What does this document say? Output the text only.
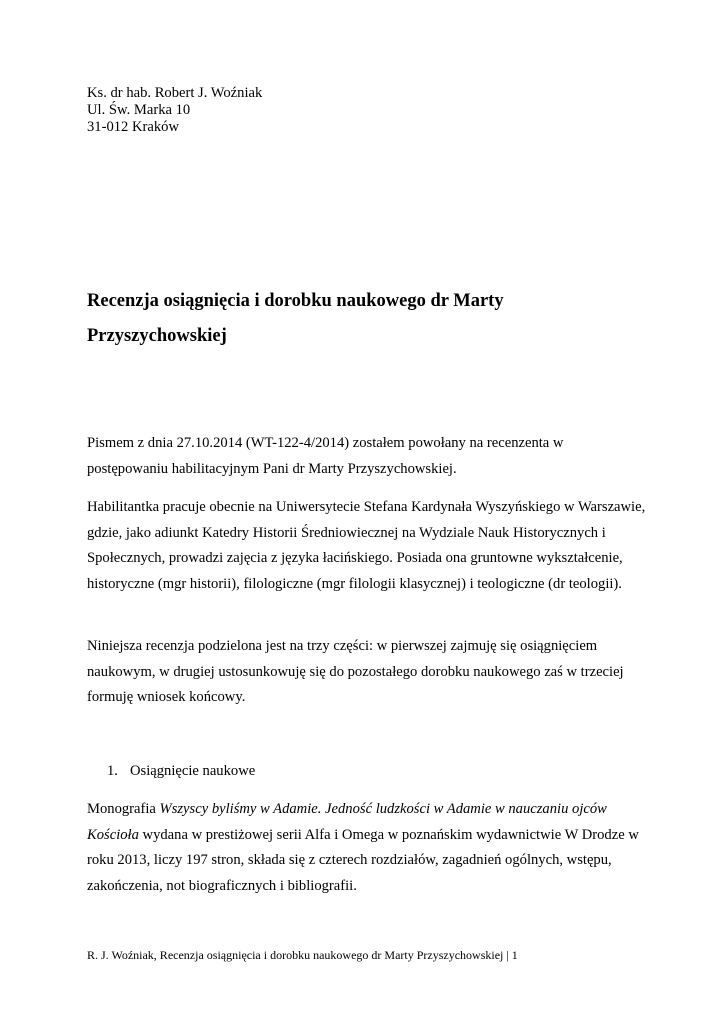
Ks. dr hab. Robert J. Woźniak
Ul. Św. Marka 10
31-012 Kraków
Recenzja osiągnięcia i dorobku naukowego dr Marty Przyszychowskiej

Pismem z dnia 27.10.2014 (WT-122-4/2014) zostałem powołany na recenzenta w postępowaniu habilitacyjnym Pani dr Marty Przyszychowskiej.

Habilitantka pracuje obecnie na Uniwersytecie Stefana Kardynała Wyszyńskiego w Warszawie, gdzie, jako adiunkt Katedry Historii Średniowiecznej na Wydziale Nauk Historycznych i Społecznych, prowadzi zajęcia z języka łacińskiego. Posiada ona gruntowne wykształcenie, historyczne (mgr historii), filologiczne (mgr filologii klasycznej) i teologiczne (dr teologii).

Niniejsza recenzja podzielona jest na trzy części: w pierwszej zajmuję się osiągnięciem naukowym, w drugiej ustosunkowuję się do pozostałego dorobku naukowego zaś w trzeciej formuję wniosek końcowy.

1. Osiągnięcie naukowe

Monografia Wszyscy byliśmy w Adamie. Jedność ludzkości w Adamie w nauczaniu ojców Kościoła wydana w prestiżowej serii Alfa i Omega w poznańskim wydawnictwie W Drodze w roku 2013, liczy 197 stron, składa się z czterech rozdziałów, zagadnień ogólnych, wstępu, zakończenia, not biograficznych i bibliografii.

R. J. Woźniak, Recenzja osiągnięcia i dorobku naukowego dr Marty Przyszychowskiej | 1
